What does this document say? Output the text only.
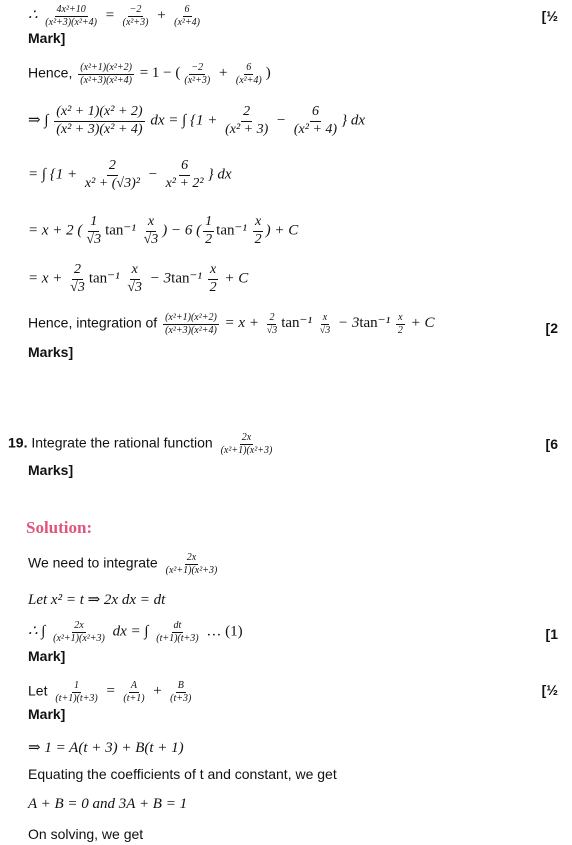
∴ $\frac{\text{4x²+10}}{\text{(x²+3)(x²+4)}} = \frac{-2}{\text{(x²+3)}} + \frac{6}{\text{(x²+4)}}$	[½
Mark]
Hence, $\frac{\text{(x²+1)(x²+2)}}{\text{(x²+3)(x²+4)}} = 1$ − ( $\frac{-2}{\text{(x²+3)}} + \frac{6}{\text{(x²+4)}}$ )
⇒ ∫ $\frac{\text{(x² + 1)(x² + 2)}}{\text{(x² + 3)(x² + 4)}}$ dx = ∫ {$1 + \frac{2}{\text{(x² + 3)}} - \frac{6}{\text{(x² + 4)}}$ } dx
= ∫ {$1 + \frac{2}{\text{x² + (√3)²}} - \frac{6}{\text{x² + 2²}}$ } dx
= x + 2 ( $\frac{1}{√3} \tan^{-1} \frac{x}{√3}$ ) − 6 ( $\frac{1}{2} \tan^{-1} \frac{x}{2}$ ) + C
= $x + \frac{2}{√3} \tan^{-1} \frac{x}{√3} - 3\tan^{-1} \frac{x}{2} + C$
Hence, integration of $\frac{\text{(x²+1)(x²+2)}}{\text{(x²+3)(x²+4)}} = x + \frac{2}{√3} \tan^{-1} \frac{x}{√3} - 3\tan^{-1} \frac{x}{2} + C$	[2
Marks]
19. Integrate the rational function $\frac{2x}{\text{(x²+1)(x²+3)}}$	[6
Marks]
Solution:
We need to integrate $\frac{2x}{\text{(x²+1)(x²+3)}}$
Let x² = t ⇒ 2x dx = dt
∴ ∫ $\frac{2x}{\text{(x²+1)(x²+3)}}$ dx = ∫ $\frac{dt}{(t+1)(t+3)}$ … (1)	[1
Mark]
Let $\frac{1}{(t+1)(t+3)} = \frac{A}{(t+1)} + \frac{B}{(t+3)}$	[½
Mark]
⇒ 1 = A(t + 3) + B(t + 1)
Equating the coefficients of t and constant, we get
A + B = 0 and 3A + B = 1
On solving, we get
